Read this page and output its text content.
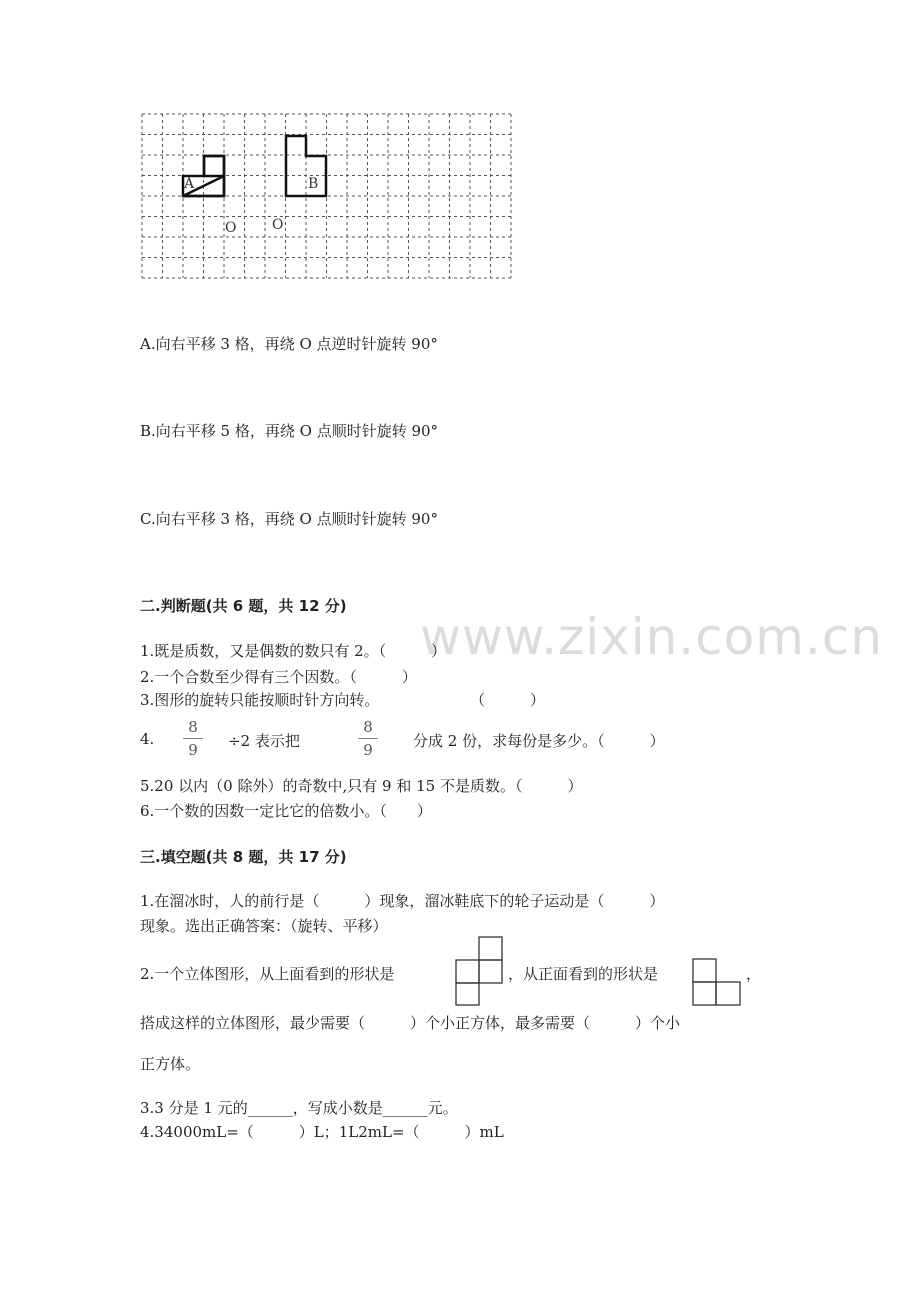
A	B
O	O
A.向右平移 3 格，再绕 O 点逆时针旋转 90°
B.向右平移 5 格，再绕 O 点顺时针旋转 90°
C.向右平移 3 格，再绕 O 点顺时针旋转 90°
www.zixin.com.cn
二.判断题(共 6 题，共 12 分)
1.既是质数，又是偶数的数只有 2。（　　　）
2.一个合数至少得有三个因数。（　　　）
3.图形的旋转只能按顺时针方向转。	（　　　）
4.
8
9	÷2 表示把
8
9	分成 2 份，求每份是多少。（　　　）
5.20 以内（0 除外）的奇数中,只有 9 和 15 不是质数。（　　　）
6.一个数的因数一定比它的倍数小。（　　）
三.填空题(共 8 题，共 17 分)
1.在溜冰时，人的前行是（　　　）现象，溜冰鞋底下的轮子运动是（　　　）
现象。选出正确答案：（旋转、平移）
2.一个立体图形，从上面看到的形状是	，从正面看到的形状是	，
搭成这样的立体图形，最少需要（　　　）个小正方体，最多需要（　　　）个小
正方体。
3.3 分是 1 元的______，写成小数是______元。
4.34000mL=（　　　）L；1L2mL=（　　　）mL
